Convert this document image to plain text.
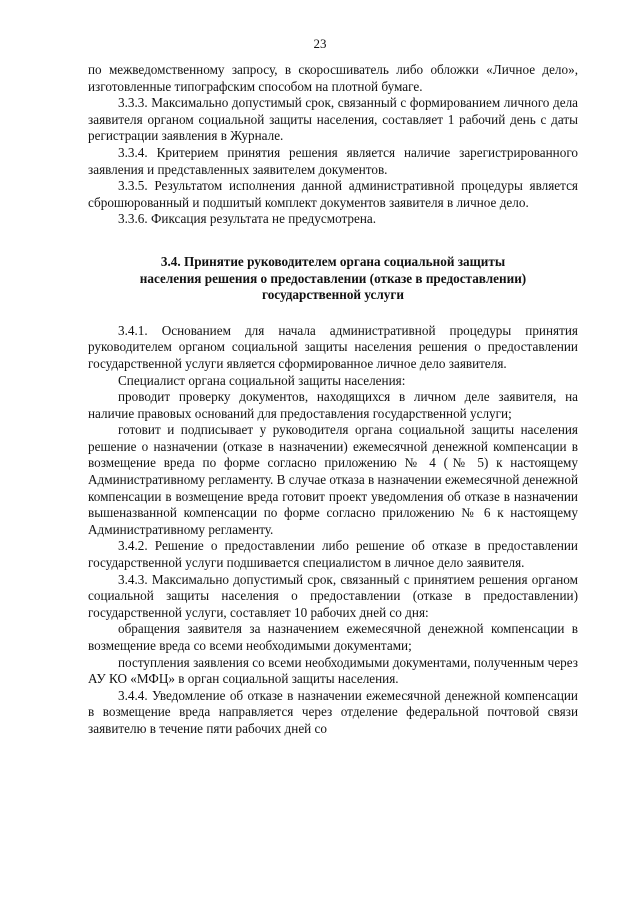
23

по межведомственному запросу, в скоросшиватель либо обложки «Личное дело», изготовленные типографским способом на плотной бумаге.

3.3.3. Максимально допустимый срок, связанный с формированием личного дела заявителя органом социальной защиты населения, составляет 1 рабочий день с даты регистрации заявления в Журнале.

3.3.4. Критерием принятия решения является наличие зарегистрированного заявления и представленных заявителем документов.

3.3.5. Результатом исполнения данной административной процедуры является сброшюрованный и подшитый комплект документов заявителя в личное дело.

3.3.6. Фиксация результата не предусмотрена.

3.4. Принятие руководителем органа социальной защиты
населения решения о предоставлении (отказе в предоставлении)
государственной услуги

3.4.1. Основанием для начала административной процедуры принятия руководителем органом социальной защиты населения решения о предоставлении государственной услуги является сформированное личное дело заявителя.

Специалист органа социальной защиты населения:

проводит проверку документов, находящихся в личном деле заявителя, на наличие правовых оснований для предоставления государственной услуги;

готовит и подписывает у руководителя органа социальной защиты населения решение о назначении (отказе в назначении) ежемесячной денежной компенсации в возмещение вреда по форме согласно приложению № 4 (№ 5) к настоящему Административному регламенту. В случае отказа в назначении ежемесячной денежной компенсации в возмещение вреда готовит проект уведомления об отказе в назначении вышеназванной компенсации по форме согласно приложению № 6 к настоящему Административному регламенту.

3.4.2. Решение о предоставлении либо решение об отказе в предоставлении государственной услуги подшивается специалистом в личное дело заявителя.

3.4.3. Максимально допустимый срок, связанный с принятием решения органом социальной защиты населения о предоставлении (отказе в предоставлении) государственной услуги, составляет 10 рабочих дней со дня:

обращения заявителя за назначением ежемесячной денежной компенсации в возмещение вреда со всеми необходимыми документами;

поступления заявления со всеми необходимыми документами, полученным через АУ КО «МФЦ» в орган социальной защиты населения.

3.4.4. Уведомление об отказе в назначении ежемесячной денежной компенсации в возмещение вреда направляется через отделение федеральной почтовой связи заявителю в течение пяти рабочих дней со
